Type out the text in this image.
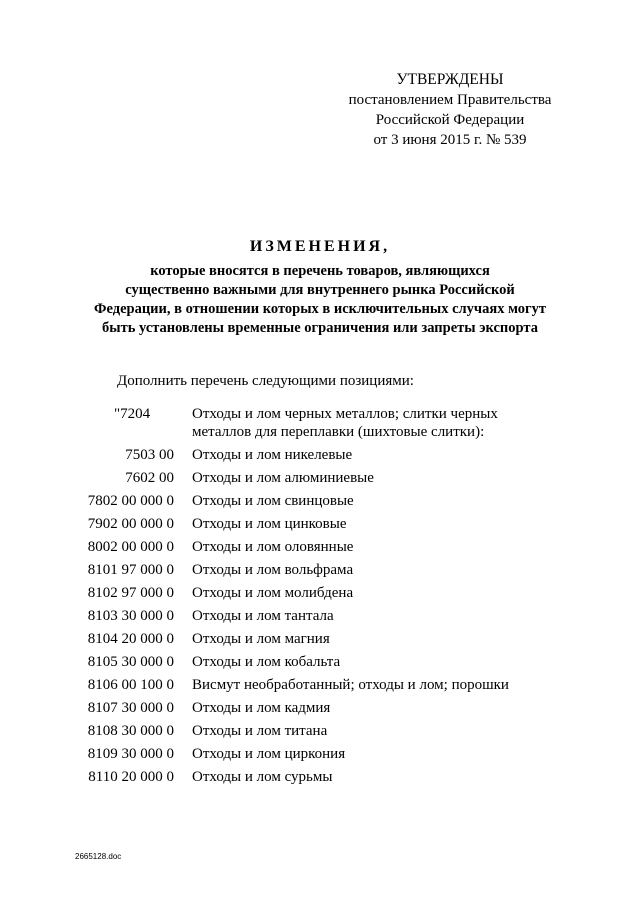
УТВЕРЖДЕНЫ
постановлением Правительства
Российской Федерации
от 3 июня 2015 г. № 539
ИЗМЕНЕНИЯ,
которые вносятся в перечень товаров, являющихся
существенно важными для внутреннего рынка Российской
Федерации, в отношении которых в исключительных случаях могут
быть установлены временные ограничения или запреты экспорта
Дополнить перечень следующими позициями:
"7204	Отходы и лом черных металлов; слитки черных
металлов для переплавки (шихтовые слитки):
7503 00	Отходы и лом никелевые
7602 00	Отходы и лом алюминиевые
7802 00 000 0	Отходы и лом свинцовые
7902 00 000 0	Отходы и лом цинковые
8002 00 000 0	Отходы и лом оловянные
8101 97 000 0	Отходы и лом вольфрама
8102 97 000 0	Отходы и лом молибдена
8103 30 000 0	Отходы и лом тантала
8104 20 000 0	Отходы и лом магния
8105 30 000 0	Отходы и лом кобальта
8106 00 100 0	Висмут необработанный; отходы и лом; порошки
8107 30 000 0	Отходы и лом кадмия
8108 30 000 0	Отходы и лом титана
8109 30 000 0	Отходы и лом циркония
8110 20 000 0	Отходы и лом сурьмы
2665128.doc
